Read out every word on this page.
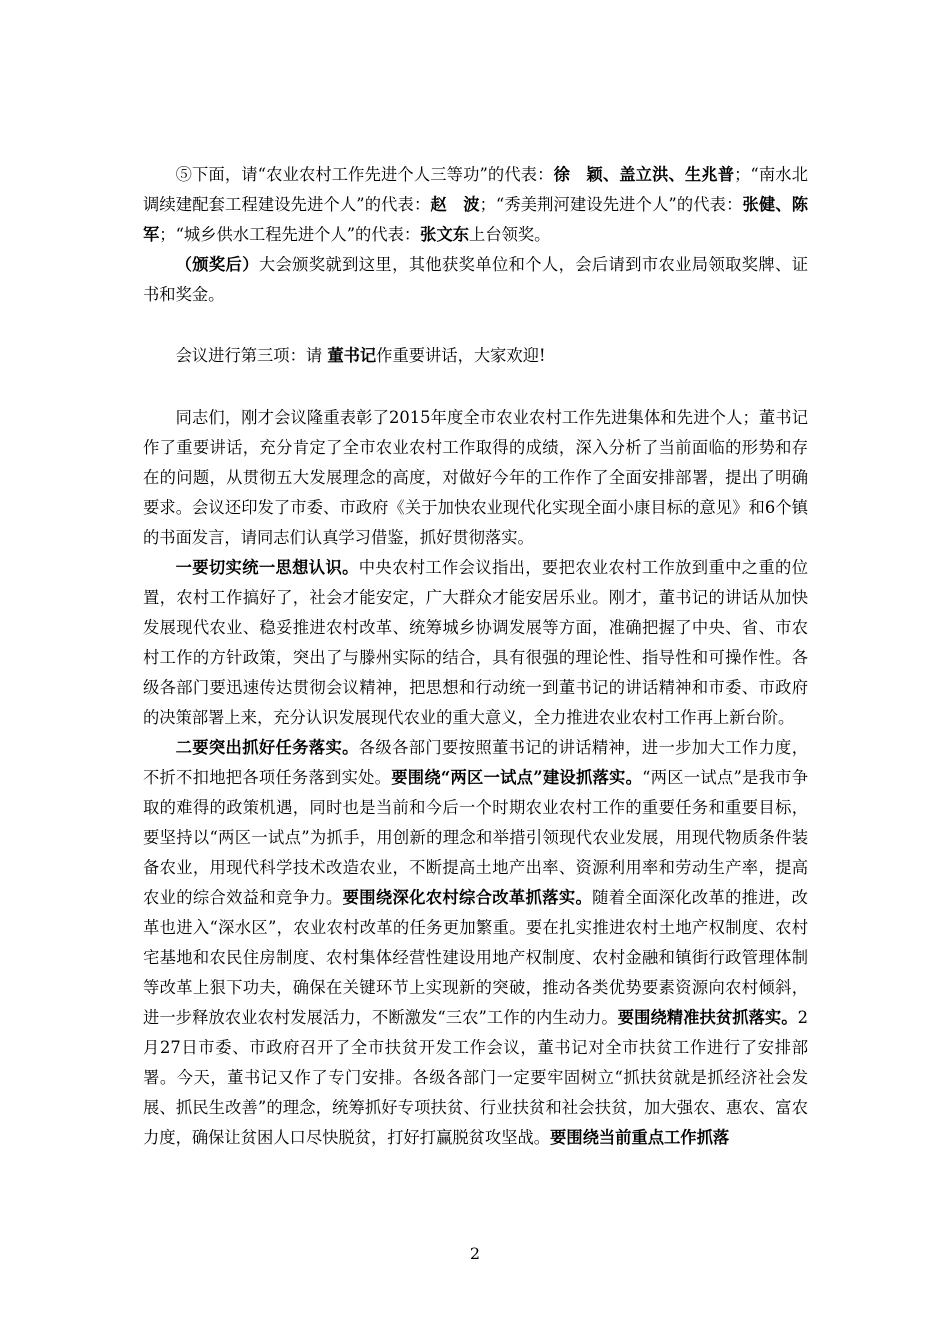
⑤下面，请“农业农村工作先进个人三等功”的代表：徐　颖、盖立洪、生兆普；“南水北调续建配套工程建设先进个人”的代表：赵　波；“秀美荆河建设先进个人”的代表：张健、陈　军；“城乡供水工程先进个人”的代表：张文东上台领奖。

（颁奖后）大会颁奖就到这里，其他获奖单位和个人，会后请到市农业局领取奖牌、证书和奖金。

会议进行第三项：请 董书记作重要讲话，大家欢迎!

同志们，刚才会议隆重表彰了2015年度全市农业农村工作先进集体和先进个人；董书记作了重要讲话，充分肯定了全市农业农村工作取得的成绩，深入分析了当前面临的形势和存在的问题，从贯彻五大发展理念的高度，对做好今年的工作作了全面安排部署，提出了明确要求。会议还印发了市委、市政府《关于加快农业现代化实现全面小康目标的意见》和6个镇的书面发言，请同志们认真学习借鉴，抓好贯彻落实。

一要切实统一思想认识。中央农村工作会议指出，要把农业农村工作放到重中之重的位置，农村工作搞好了，社会才能安定，广大群众才能安居乐业。刚才，董书记的讲话从加快发展现代农业、稳妥推进农村改革、统筹城乡协调发展等方面，准确把握了中央、省、市农村工作的方针政策，突出了与滕州实际的结合，具有很强的理论性、指导性和可操作性。各级各部门要迅速传达贯彻会议精神，把思想和行动统一到董书记的讲话精神和市委、市政府的决策部署上来，充分认识发展现代农业的重大意义，全力推进农业农村工作再上新台阶。

二要突出抓好任务落实。各级各部门要按照董书记的讲话精神，进一步加大工作力度，不折不扣地把各项任务落到实处。要围绕“两区一试点”建设抓落实。“两区一试点”是我市争取的难得的政策机遇，同时也是当前和今后一个时期农业农村工作的重要任务和重要目标，要坚持以“两区一试点”为抓手，用创新的理念和举措引领现代农业发展，用现代物质条件装备农业，用现代科学技术改造农业，不断提高土地产出率、资源利用率和劳动生产率，提高农业的综合效益和竞争力。要围绕深化农村综合改革抓落实。随着全面深化改革的推进，改革也进入“深水区”，农业农村改革的任务更加繁重。要在扎实推进农村土地产权制度、农村宅基地和农民住房制度、农村集体经营性建设用地产权制度、农村金融和镇街行政管理体制等改革上狠下功夫，确保在关键环节上实现新的突破，推动各类优势要素资源向农村倾斜，进一步释放农业农村发展活力，不断激发“三农”工作的内生动力。要围绕精准扶贫抓落实。2月27日市委、市政府召开了全市扶贫开发工作会议，董书记对全市扶贫工作进行了安排部署。今天，董书记又作了专门安排。各级各部门一定要牢固树立“抓扶贫就是抓经济社会发展、抓民生改善”的理念，统筹抓好专项扶贫、行业扶贫和社会扶贫，加大强农、惠农、富农力度，确保让贫困人口尽快脱贫，打好打赢脱贫攻坚战。要围绕当前重点工作抓落

2
